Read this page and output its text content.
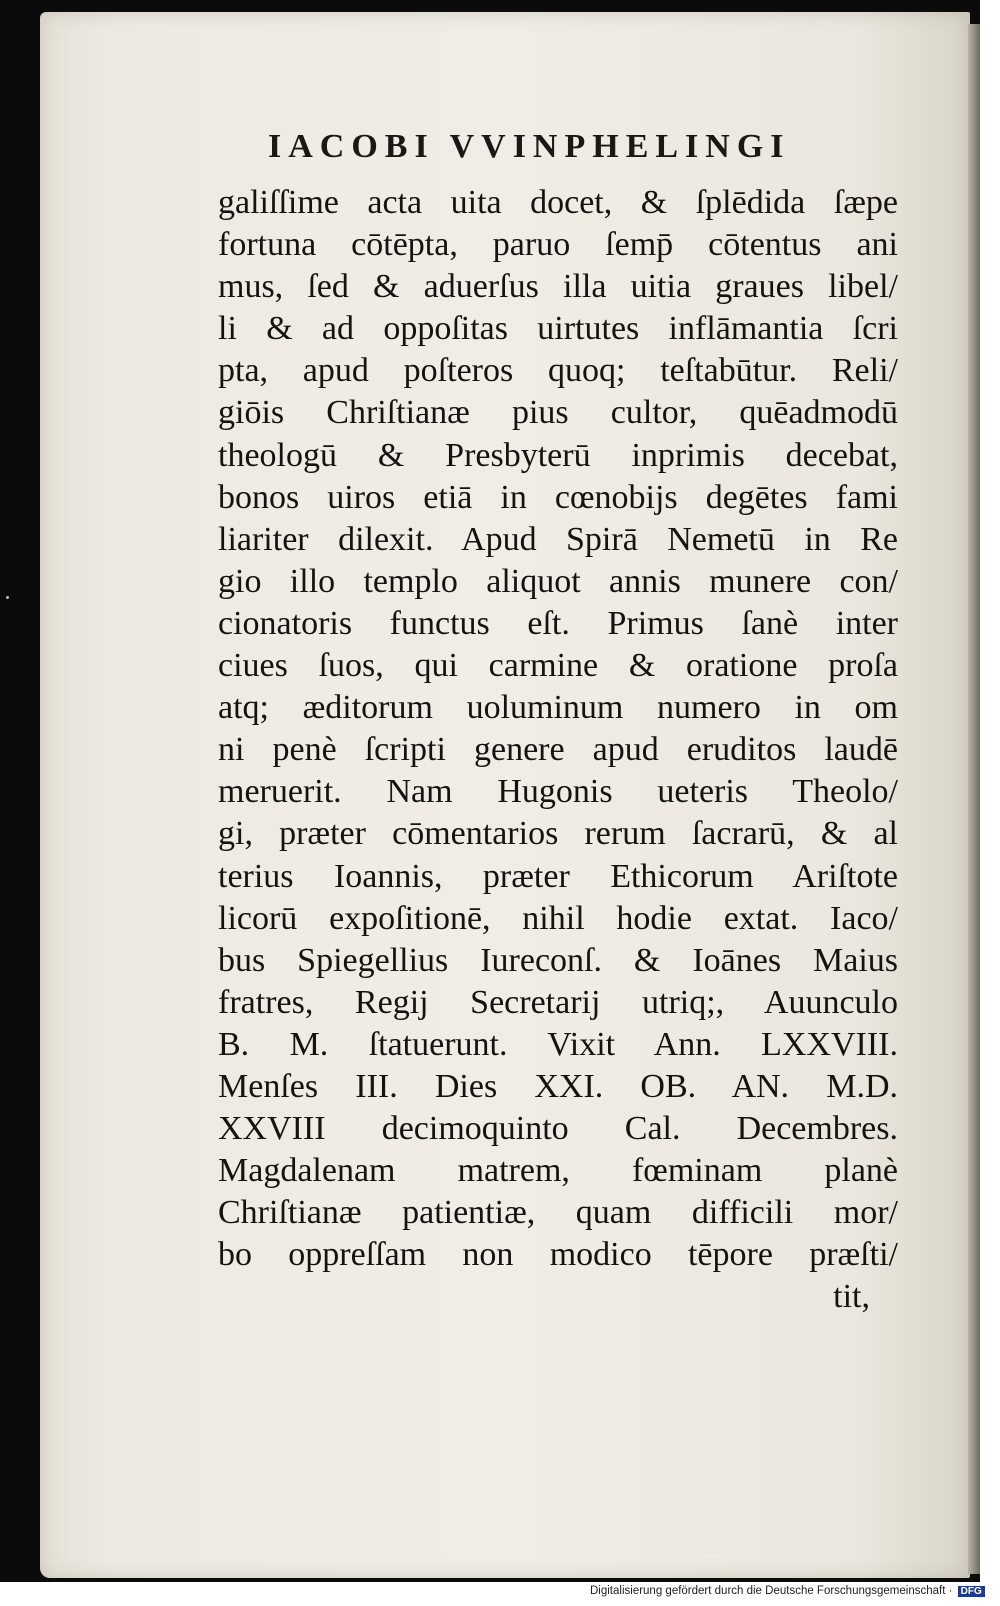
IACOBI VVINPHELINGI
galiſſime acta uita docet, & ſplēdida ſæpe
fortuna cōtēpta, paruo ſemp̄ cōtentus ani
mus, ſed & aduerſus illa uitia graues libel/
li & ad oppoſitas uirtutes inflāmantia ſcri
pta, apud poſteros quoq; teſtabūtur. Reli/
giōis Chriſtianæ pius cultor, quēadmodū
theologū & Presbyterū inprimis decebat,
bonos uiros etiā in cœnobijs degētes fami
liariter dilexit. Apud Spirā Nemetū in Re
gio illo templo aliquot annis munere con/
cionatoris functus eſt. Primus ſanè inter
ciues ſuos, qui carmine & oratione proſa
atq; æditorum uoluminum numero in om
ni penè ſcripti genere apud eruditos laudē
meruerit. Nam Hugonis ueteris Theolo/
gi, præter cōmentarios rerum ſacrarū, & al
terius Ioannis, præter Ethicorum Ariſtote
licorū expoſitionē, nihil hodie extat. Iaco/
bus Spiegellius Iureconſ. & Ioānes Maius
fratres, Regij Secretarij utriq;, Auunculo
B. M. ſtatuerunt. Vixit Ann. LXXVIII.
Menſes III. Dies XXI. OB. AN. M.D.
XXVIII decimoquinto Cal. Decembres.
Magdalenam matrem, fœminam planè
Chriſtianæ patientiæ, quam difficili mor/
bo oppreſſam non modico tēpore præſti/
tit,
Digitalisierung gefördert durch die Deutsche Forschungsgemeinschaft · DFG
